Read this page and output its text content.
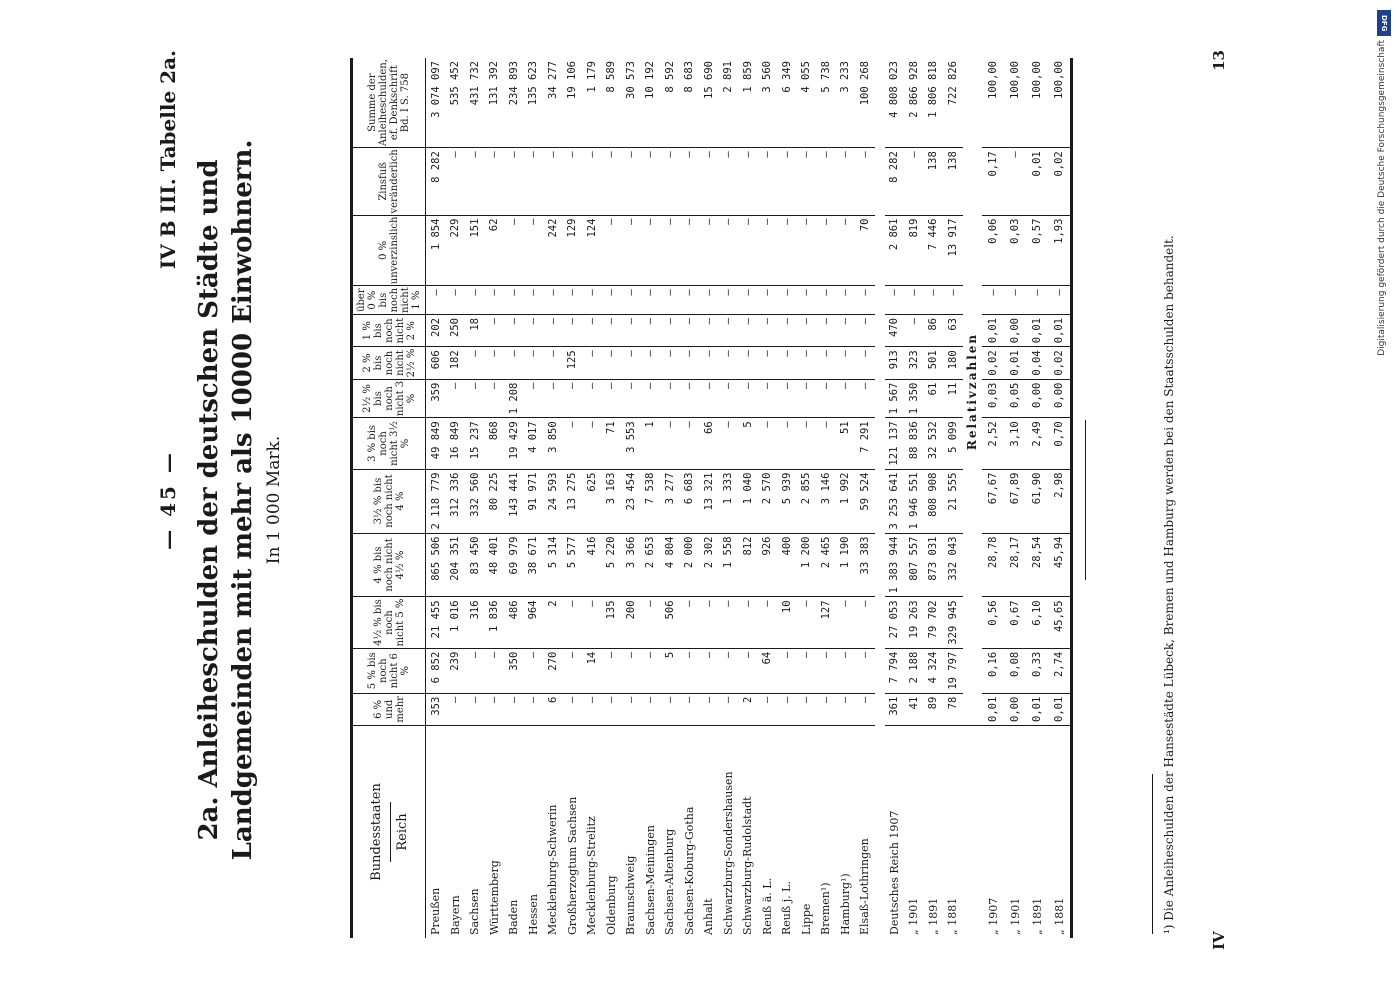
— 45 —
IV B III. Tabelle 2a. 2a. Anleiheschulden der deutschen Städte und Landgemeinden mit mehr als 10000 Einwohnern. In 1 000 Mark.
Bundesstaaten Reich	6 % und mehr	5 % bis noch nicht 6 %	4½ % bis noch nicht 5 %	4 % bis noch nicht 4½ %	3½ % bis noch nicht 4 %	3 % bis noch nicht 3½ %	2½ % bis noch nicht 3 %	2 % bis noch nicht 2½ %	1 % bis noch nicht 2 %	über 0 % bis noch nicht 1 %	0 % unverzinslich	Zinsfuß veränderlich	Summe der Anleiheschulden, ef. Denkschrift Bd. I S. 758
Preußen	353	6 852	21 455	865 506	2 118 779	49 849	359	606	202	—	1 854	8 282	3 074 097
Bayern	—	239	1 016	204 351	312 336	16 849	—	182	250	—	229	—	535 452
Sachsen	—	—	316	83 450	332 560	15 237	—	—	18	—	151	—	431 732
Württemberg	—	—	1 836	48 401	80 225	868	—	—	—	—	62	—	131 392
Baden	—	350	486	69 979	143 441	19 429	1 208	—	—	—	—	—	234 893
Hessen	—	—	964	38 671	91 971	4 017	—	—	—	—	—	—	135 623
Mecklenburg-Schwerin	6	270	2	5 314	24 593	3 850	—	—	—	—	242	—	34 277
Großherzogtum Sachsen	—	—	—	5 577	13 275	—	—	125	—	—	129	—	19 106
Mecklenburg-Strelitz	—	14	—	416	625	—	—	—	—	—	124	—	1 179
Oldenburg	—	—	135	5 220	3 163	71	—	—	—	—	—	—	8 589
Braunschweig	—	—	200	3 366	23 454	3 553	—	—	—	—	—	—	30 573
Sachsen-Meiningen	—	—	—	2 653	7 538	1	—	—	—	—	—	—	10 192
Sachsen-Altenburg	—	5	506	4 804	3 277	—	—	—	—	—	—	—	8 592
Sachsen-Koburg-Gotha	—	—	—	2 000	6 683	—	—	—	—	—	—	—	8 683
Anhalt	—	—	—	2 302	13 321	66	—	—	—	—	—	—	15 690
Schwarzburg-Sondershausen	—	—	—	1 558	1 333	—	—	—	—	—	—	—	2 891
Schwarzburg-Rudolstadt	2	—	—	812	1 040	5	—	—	—	—	—	—	1 859
Reuß ä. L.	—	64	—	926	2 570	—	—	—	—	—	—	—	3 560
Reuß j. L.	—	—	10	400	5 939	—	—	—	—	—	—	—	6 349
Lippe	—	—	—	1 200	2 855	—	—	—	—	—	—	—	4 055
Bremen¹)	—	—	127	2 465	3 146	—	—	—	—	—	—	—	5 738
Hamburg¹)	—	—	—	1 190	1 992	51	—	—	—	—	—	—	3 233
Elsaß-Lothringen	—	—	—	33 383	59 524	7 291	—	—	—	—	70	—	100 268

Deutsches Reich 1907	361	7 794	27 053	1 383 944	3 253 641	121 137	1 567	913	470	—	2 861	8 282	4 808 023
„ 1901	41	2 188	19 263	807 557	1 946 551	88 836	1 350	323	—	—	819	—	2 866 928
„ 1891	89	4 324	79 702	873 031	808 908	32 532	61	501	86	—	7 446	138	1 806 818
„ 1881	78	19 797	329 945	332 043	21 555	5 099	11	180	63	—	13 917	138	722 826
	Relativzahlen												
„ 1907	0,01	0,16	0,56	28,78	67,67	2,52	0,03	0,02	0,01	—	0,06	0,17	100,00
„ 1901	0,00	0,08	0,67	28,17	67,89	3,10	0,05	0,01	0,00	—	0,03	—	100,00
„ 1891	0,01	0,33	6,10	28,54	61,90	2,49	0,00	0,04	0,01	—	0,57	0,01	100,00
„ 1881	0,01	2,74	45,65	45,94	2,98	0,70	0,00	0,02	0,01	—	1,93	0,02	100,00
¹) Die Anleiheschulden der Hansestädte Lübeck, Bremen und Hamburg werden bei den Staatsschulden behandelt.
IV
13
DFG
Digitalisierung gefördert durch die Deutsche Forschungsgemeinschaft
